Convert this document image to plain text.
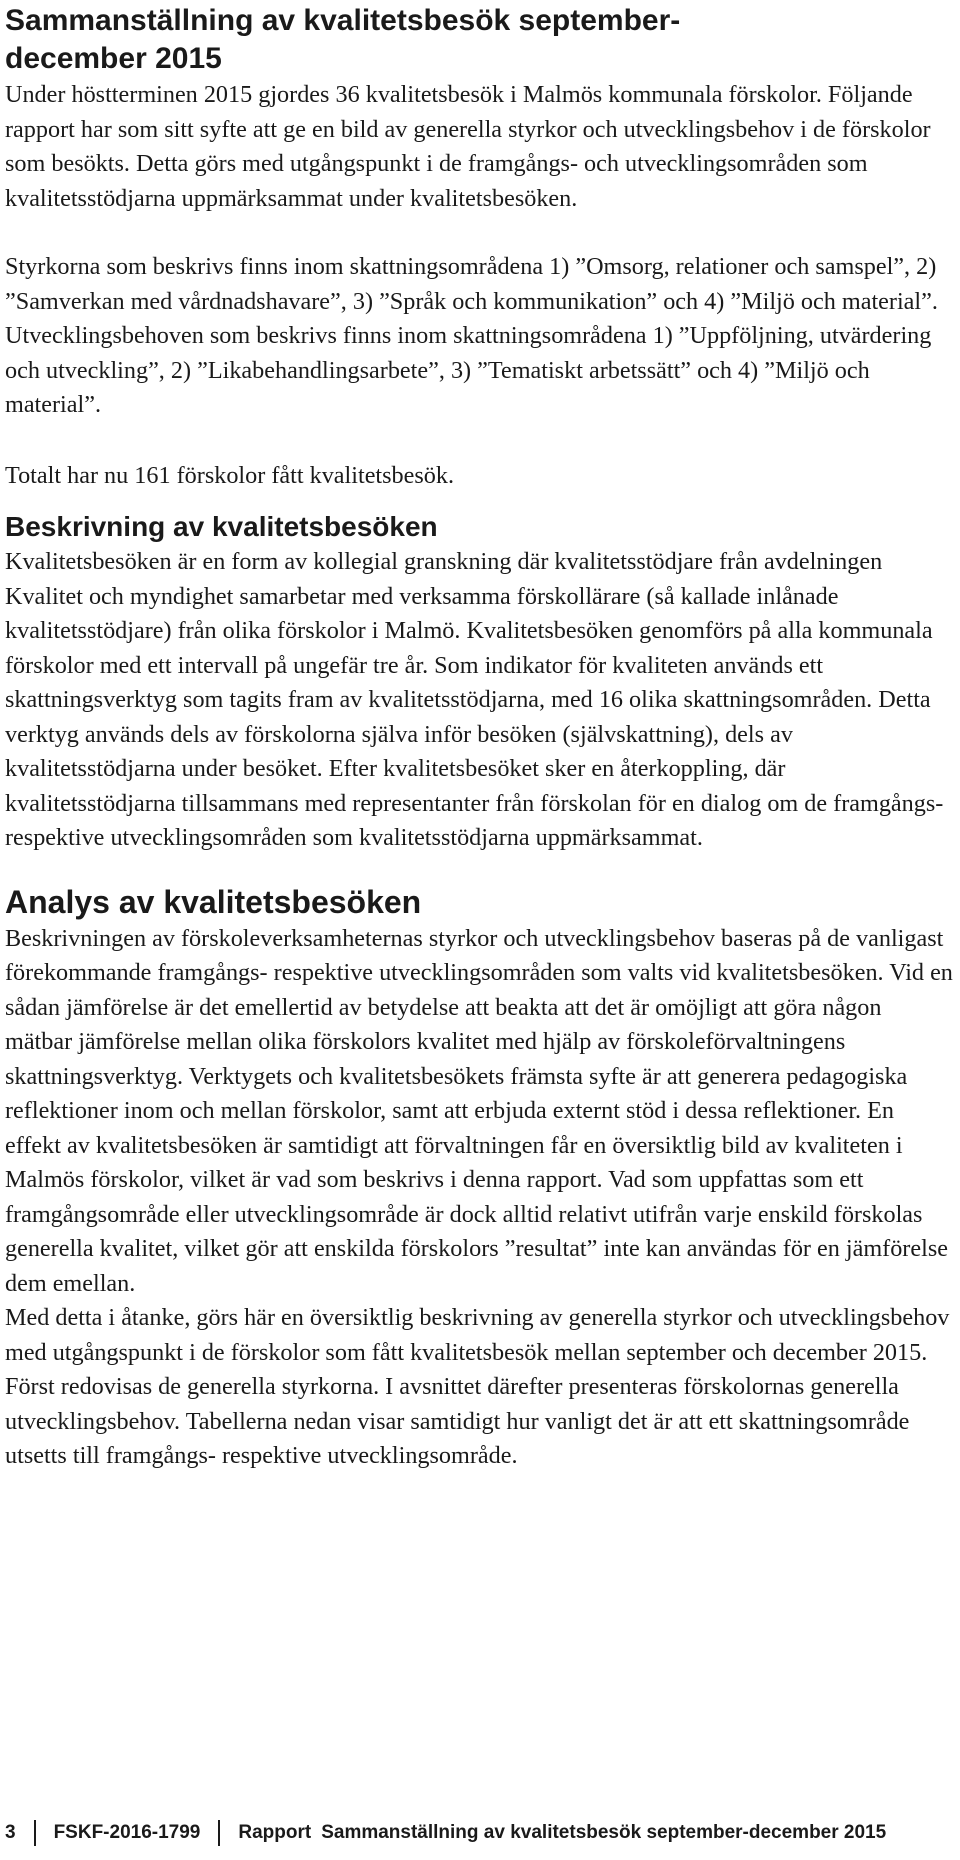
Sammanställning av kvalitetsbesök september-
december 2015

Under höstterminen 2015 gjordes 36 kvalitetsbesök i Malmös kommunala förskolor. Följande rapport har som sitt syfte att ge en bild av generella styrkor och utvecklingsbehov i de förskolor som besökts. Detta görs med utgångspunkt i de framgångs- och utvecklingsområden som kvalitetsstödjarna uppmärksammat under kvalitetsbesöken.

Styrkorna som beskrivs finns inom skattningsområdena 1) ”Omsorg, relationer och samspel”, 2) ”Samverkan med vårdnadshavare”, 3) ”Språk och kommunikation” och 4) ”Miljö och material”.

Utvecklingsbehoven som beskrivs finns inom skattningsområdena 1) ”Uppföljning, utvärdering och utveckling”, 2) ”Likabehandlingsarbete”, 3) ”Tematiskt arbetssätt” och 4) ”Miljö och material”.

Totalt har nu 161 förskolor fått kvalitetsbesök.

Beskrivning av kvalitetsbesöken

Kvalitetsbesöken är en form av kollegial granskning där kvalitetsstödjare från avdelningen Kvalitet och myndighet samarbetar med verksamma förskollärare (så kallade inlånade kvalitetsstödjare) från olika förskolor i Malmö. Kvalitetsbesöken genomförs på alla kommunala förskolor med ett intervall på ungefär tre år. Som indikator för kvaliteten används ett skattningsverktyg som tagits fram av kvalitetsstödjarna, med 16 olika skattningsområden. Detta verktyg används dels av förskolorna själva inför besöken (självskattning), dels av kvalitetsstödjarna under besöket. Efter kvalitetsbesöket sker en återkoppling, där kvalitetsstödjarna tillsammans med representanter från förskolan för en dialog om de framgångs- respektive utvecklingsområden som kvalitetsstödjarna uppmärksammat.

Analys av kvalitetsbesöken

Beskrivningen av förskoleverksamheternas styrkor och utvecklingsbehov baseras på de vanligast förekommande framgångs- respektive utvecklingsområden som valts vid kvalitetsbesöken. Vid en sådan jämförelse är det emellertid av betydelse att beakta att det är omöjligt att göra någon mätbar jämförelse mellan olika förskolors kvalitet med hjälp av förskoleförvaltningens skattningsverktyg. Verktygets och kvalitetsbesökets främsta syfte är att generera pedagogiska reflektioner inom och mellan förskolor, samt att erbjuda externt stöd i dessa reflektioner. En effekt av kvalitetsbesöken är samtidigt att förvaltningen får en översiktlig bild av kvaliteten i Malmös förskolor, vilket är vad som beskrivs i denna rapport. Vad som uppfattas som ett framgångsområde eller utvecklingsområde är dock alltid relativt utifrån varje enskild förskolas generella kvalitet, vilket gör att enskilda förskolors ”resultat” inte kan användas för en jämförelse dem emellan.

Med detta i åtanke, görs här en översiktlig beskrivning av generella styrkor och utvecklingsbehov med utgångspunkt i de förskolor som fått kvalitetsbesök mellan september och december 2015. Först redovisas de generella styrkorna. I avsnittet därefter presenteras förskolornas generella utvecklingsbehov. Tabellerna nedan visar samtidigt hur vanligt det är att ett skattningsområde utsetts till framgångs- respektive utvecklingsområde.

3 FSKF-2016-1799 Rapport Sammanställning av kvalitetsbesök september-december 2015
